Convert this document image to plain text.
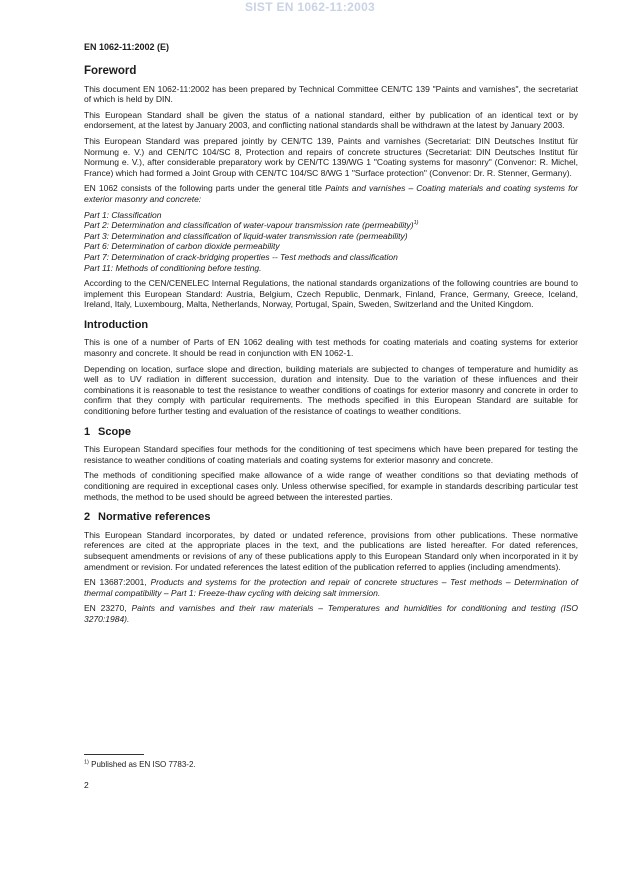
SIST EN 1062-11:2003
EN 1062-11:2002 (E)
Foreword

This document EN 1062-11:2002 has been prepared by Technical Committee CEN/TC 139 "Paints and varnishes", the secretariat of which is held by DIN.

This European Standard shall be given the status of a national standard, either by publication of an identical text or by endorsement, at the latest by January 2003, and conflicting national standards shall be withdrawn at the latest by January 2003.

This European Standard was prepared jointly by CEN/TC 139, Paints and varnishes (Secretariat: DIN Deutsches Institut für Normung e. V.) and CEN/TC 104/SC 8, Protection and repairs of concrete structures (Secretariat: DIN Deutsches Institut für Normung e. V.), after considerable preparatory work by CEN/TC 139/WG 1 "Coating systems for masonry" (Convenor: R. Michel, France) which had formed a Joint Group with CEN/TC 104/SC 8/WG 1 "Surface protection" (Convenor: Dr. R. Stenner, Germany).

EN 1062 consists of the following parts under the general title Paints and varnishes – Coating materials and coating systems for exterior masonry and concrete:

Part 1: Classification
Part 2: Determination and classification of water-vapour transmission rate (permeability)$^{1)}$
Part 3: Determination and classification of liquid-water transmission rate (permeability)
Part 6: Determination of carbon dioxide permeability
Part 7: Determination of crack-bridging properties -- Test methods and classification
Part 11: Methods of conditioning before testing.

According to the CEN/CENELEC Internal Regulations, the national standards organizations of the following countries are bound to implement this European Standard: Austria, Belgium, Czech Republic, Denmark, Finland, France, Germany, Greece, Iceland, Ireland, Italy, Luxembourg, Malta, Netherlands, Norway, Portugal, Spain, Sweden, Switzerland and the United Kingdom.

Introduction

This is one of a number of Parts of EN 1062 dealing with test methods for coating materials and coating systems for exterior masonry and concrete. It should be read in conjunction with EN 1062-1.

Depending on location, surface slope and direction, building materials are subjected to changes of temperature and humidity as well as to UV radiation in different succession, duration and intensity. Due to the variation of these influences and their combinations it is reasonable to test the resistance to weather conditions of coatings for exterior masonry and concrete in order to confirm that they comply with particular requirements. The methods specified in this European Standard are suitable for conditioning before further testing and evaluation of the resistance of coatings to weather conditions.

1 Scope

This European Standard specifies four methods for the conditioning of test specimens which have been prepared for testing the resistance to weather conditions of coating materials and coating systems for exterior masonry and concrete.

The methods of conditioning specified make allowance of a wide range of weather conditions so that deviating methods of conditioning are required in exceptional cases only. Unless otherwise specified, for example in standards describing particular test methods, the method to be used should be agreed between the interested parties.

2 Normative references

This European Standard incorporates, by dated or undated reference, provisions from other publications. These normative references are cited at the appropriate places in the text, and the publications are listed hereafter. For dated references, subsequent amendments or revisions of any of these publications apply to this European Standard only when incorporated in it by amendment or revision. For undated references the latest edition of the publication referred to applies (including amendments).

EN 13687:2001, Products and systems for the protection and repair of concrete structures – Test methods – Determination of thermal compatibility – Part 1: Freeze-thaw cycling with deicing salt immersion.

EN 23270, Paints and varnishes and their raw materials – Temperatures and humidities for conditioning and testing (ISO 3270:1984).

$^{1)}$ Published as EN ISO 7783-2.
2
